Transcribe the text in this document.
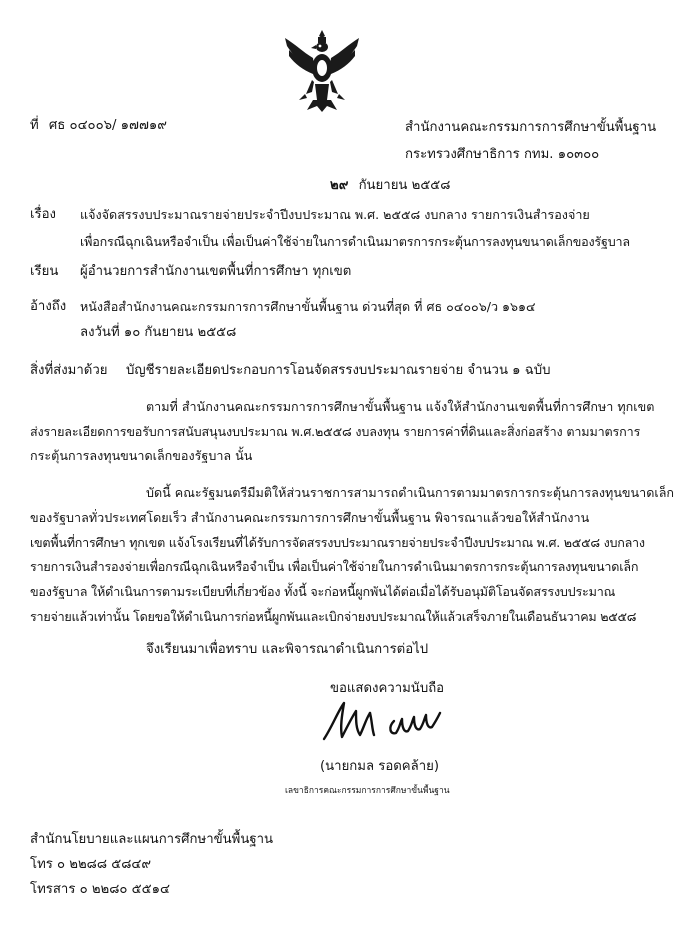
ที่ ศธ ๐๔๐๐๖/ ๑๗๗๑๙	สำนักงานคณะกรรมการการศึกษาขั้นพื้นฐาน
กระทรวงศึกษาธิการ กทม. ๑๐๓๐๐
๒๙ กันยายน ๒๕๕๘
เรื่อง แจ้งจัดสรรงบประมาณรายจ่ายประจำปีงบประมาณ พ.ศ. ๒๕๕๘ งบกลาง รายการเงินสำรองจ่าย
เพื่อกรณีฉุกเฉินหรือจำเป็น เพื่อเป็นค่าใช้จ่ายในการดำเนินมาตรการกระตุ้นการลงทุนขนาดเล็กของรัฐบาล
เรียน ผู้อำนวยการสำนักงานเขตพื้นที่การศึกษา ทุกเขต
อ้างถึง หนังสือสำนักงานคณะกรรมการการศึกษาขั้นพื้นฐาน ด่วนที่สุด ที่ ศธ ๐๔๐๐๖/ว ๑๖๑๔
ลงวันที่ ๑๐ กันยายน ๒๕๕๘
สิ่งที่ส่งมาด้วย บัญชีรายละเอียดประกอบการโอนจัดสรรงบประมาณรายจ่าย จำนวน ๑ ฉบับ
ตามที่ สำนักงานคณะกรรมการการศึกษาขั้นพื้นฐาน แจ้งให้สำนักงานเขตพื้นที่การศึกษา ทุกเขต
ส่งรายละเอียดการขอรับการสนับสนุนงบประมาณ พ.ศ.๒๕๕๘ งบลงทุน รายการค่าที่ดินและสิ่งก่อสร้าง ตามมาตรการ
กระตุ้นการลงทุนขนาดเล็กของรัฐบาล นั้น
บัดนี้ คณะรัฐมนตรีมีมติให้ส่วนราชการสามารถดำเนินการตามมาตรการกระตุ้นการลงทุนขนาดเล็ก
ของรัฐบาลทั่วประเทศโดยเร็ว สำนักงานคณะกรรมการการศึกษาขั้นพื้นฐาน พิจารณาแล้วขอให้สำนักงาน
เขตพื้นที่การศึกษา ทุกเขต แจ้งโรงเรียนที่ได้รับการจัดสรรงบประมาณรายจ่ายประจำปีงบประมาณ พ.ศ. ๒๕๕๘ งบกลาง
รายการเงินสำรองจ่ายเพื่อกรณีฉุกเฉินหรือจำเป็น เพื่อเป็นค่าใช้จ่ายในการดำเนินมาตรการกระตุ้นการลงทุนขนาดเล็ก
ของรัฐบาล ให้ดำเนินการตามระเบียบที่เกี่ยวข้อง ทั้งนี้ จะก่อหนี้ผูกพันได้ต่อเมื่อได้รับอนุมัติโอนจัดสรรงบประมาณ
รายจ่ายแล้วเท่านั้น โดยขอให้ดำเนินการก่อหนี้ผูกพันและเบิกจ่ายงบประมาณให้แล้วเสร็จภายในเดือนธันวาคม ๒๕๕๘
จึงเรียนมาเพื่อทราบ และพิจารณาดำเนินการต่อไป
ขอแสดงความนับถือ
(นายกมล รอดคล้าย)
เลขาธิการคณะกรรมการการศึกษาขั้นพื้นฐาน
สำนักนโยบายและแผนการศึกษาขั้นพื้นฐาน
โทร ๐ ๒๒๘๘ ๕๘๔๙
โทรสาร ๐ ๒๒๘๐ ๕๕๑๔
